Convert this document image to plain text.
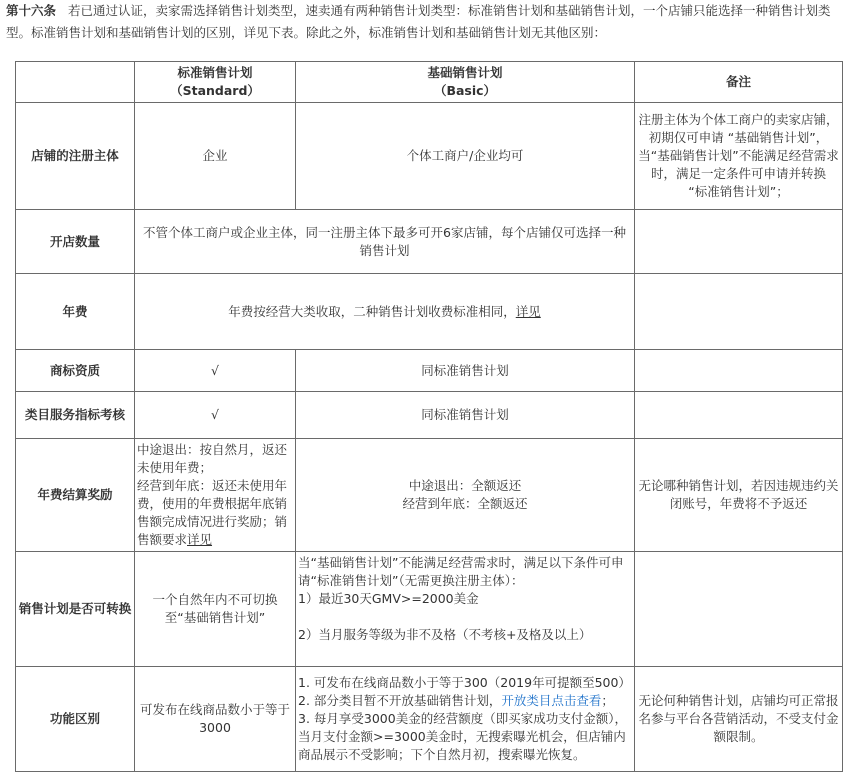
第十六条 若已通过认证，卖家需选择销售计划类型，速卖通有两种销售计划类型：标准销售计划和基础销售计划，一个店铺只能选择一种销售计划类型。标准销售计划和基础销售计划的区别，详见下表。除此之外，标准销售计划和基础销售计划无其他区别：
	标准销售计划
（Standard）	基础销售计划
（Basic）	备注
店铺的注册主体	企业	个体工商户/企业均可	注册主体为个体工商户的卖家店铺，初期仅可申请 “基础销售计划”，当“基础销售计划”不能满足经营需求时，满足一定条件可申请并转换　 “标准销售计划”；
开店数量	不管个体工商户或企业主体，同一注册主体下最多可开6家店铺，每个店铺仅可选择一种销售计划		
年费	年费按经营大类收取，二种销售计划收费标准相同，详见		
商标资质	√	同标准销售计划	
类目服务指标考核	√	同标准销售计划	
年费结算奖励	中途退出：按自然月，返还未使用年费；
经营到年底：返还未使用年费，使用的年费根据年底销售额完成情况进行奖励；销售额要求详见	中途退出：全额返还
经营到年底：全额返还	无论哪种销售计划，若因违规违约关闭账号，年费将不予返还
销售计划是否可转换	一个自然年内不可切换至“基础销售计划”	当“基础销售计划”不能满足经营需求时，满足以下条件可申请“标准销售计划”（无需更换注册主体）：
1）最近30天GMV>=2000美金

2）当月服务等级为非不及格（不考核+及格及以上）	
功能区别	可发布在线商品数小于等于3000	1. 可发布在线商品数小于等于300（2019年可提额至500）
2. 部分类目暂不开放基础销售计划，开放类目点击查看；
3. 每月享受3000美金的经营额度（即买家成功支付金额），当月支付金额>=3000美金时，无搜索曝光机会，但店铺内商品展示不受影响；下个自然月初，搜索曝光恢复。	无论何种销售计划，店铺均可正常报名参与平台各营销活动，不受支付金额限制。
